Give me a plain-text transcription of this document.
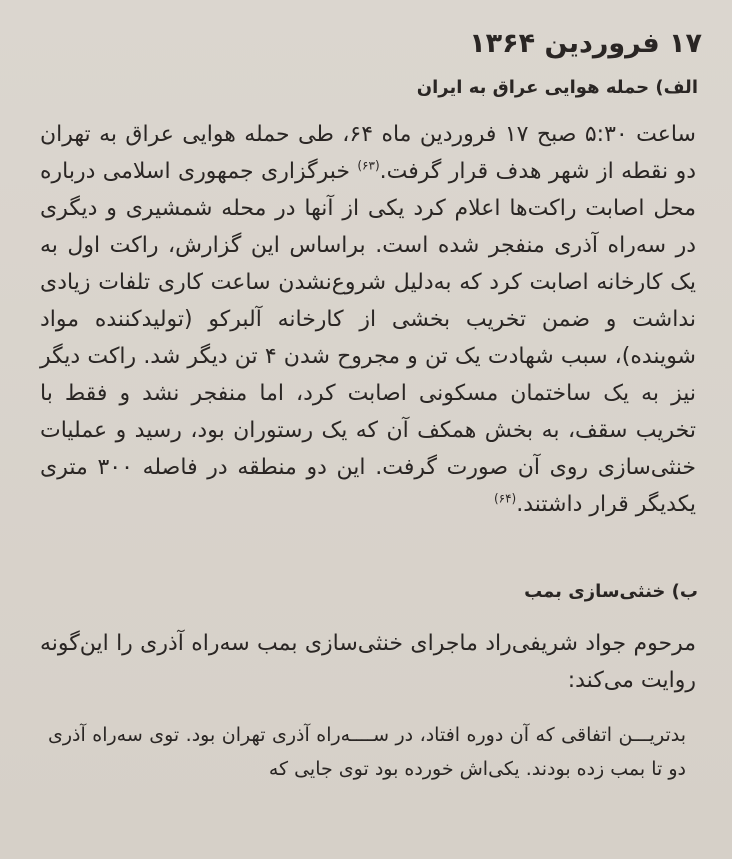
۱۷ فروردین ۱۳۶۴
الف) حمله هوایی عراق به ایران
ساعت ۵:۳۰ صبح ۱۷ فروردین ماه ۶۴، طی حمله هوایی عراق به تهران دو نقطه از شهر هدف قرار گرفت.$^{(۶۳)}$ خبرگزاری جمهوری اسلامی درباره محل اصابت راکت‌ها اعلام کرد یکی از آنها در محله شمشیری و دیگری در سه‌راه آذری منفجر شده است. براساس این گزارش، راکت اول به یک کارخانه اصابت کرد که به‌دلیل شروع‌نشدن ساعت کاری تلفات زیادی نداشت و ضمن تخریب بخشی از کارخانه آلبرکو (تولیدکننده مواد شوینده)، سبب شهادت یک تن و مجروح شدن ۴ تن دیگر شد. راکت دیگر نیز به یک ساختمان مسکونی اصابت کرد، اما منفجر نشد و فقط با تخریب سقف، به بخش همکف آن که یک رستوران بود، رسید و عملیات خنثی‌سازی روی آن صورت گرفت. این دو منطقه در فاصله ۳۰۰ متری یکدیگر قرار داشتند.$^{(۶۴)}$
ب) خنثی‌سازی بمب
مرحوم جواد شریفی‌راد ماجرای خنثی‌سازی بمب سه‌راه آذری را این‌گونه روایت می‌کند:
بدتریـــن اتفاقی که آن دوره افتاد، در ســــه‌راه آذری تهران بود. توی سه‌راه آذری دو تا بمب زده بودند. یکی‌اش خورده بود توی جایی که
